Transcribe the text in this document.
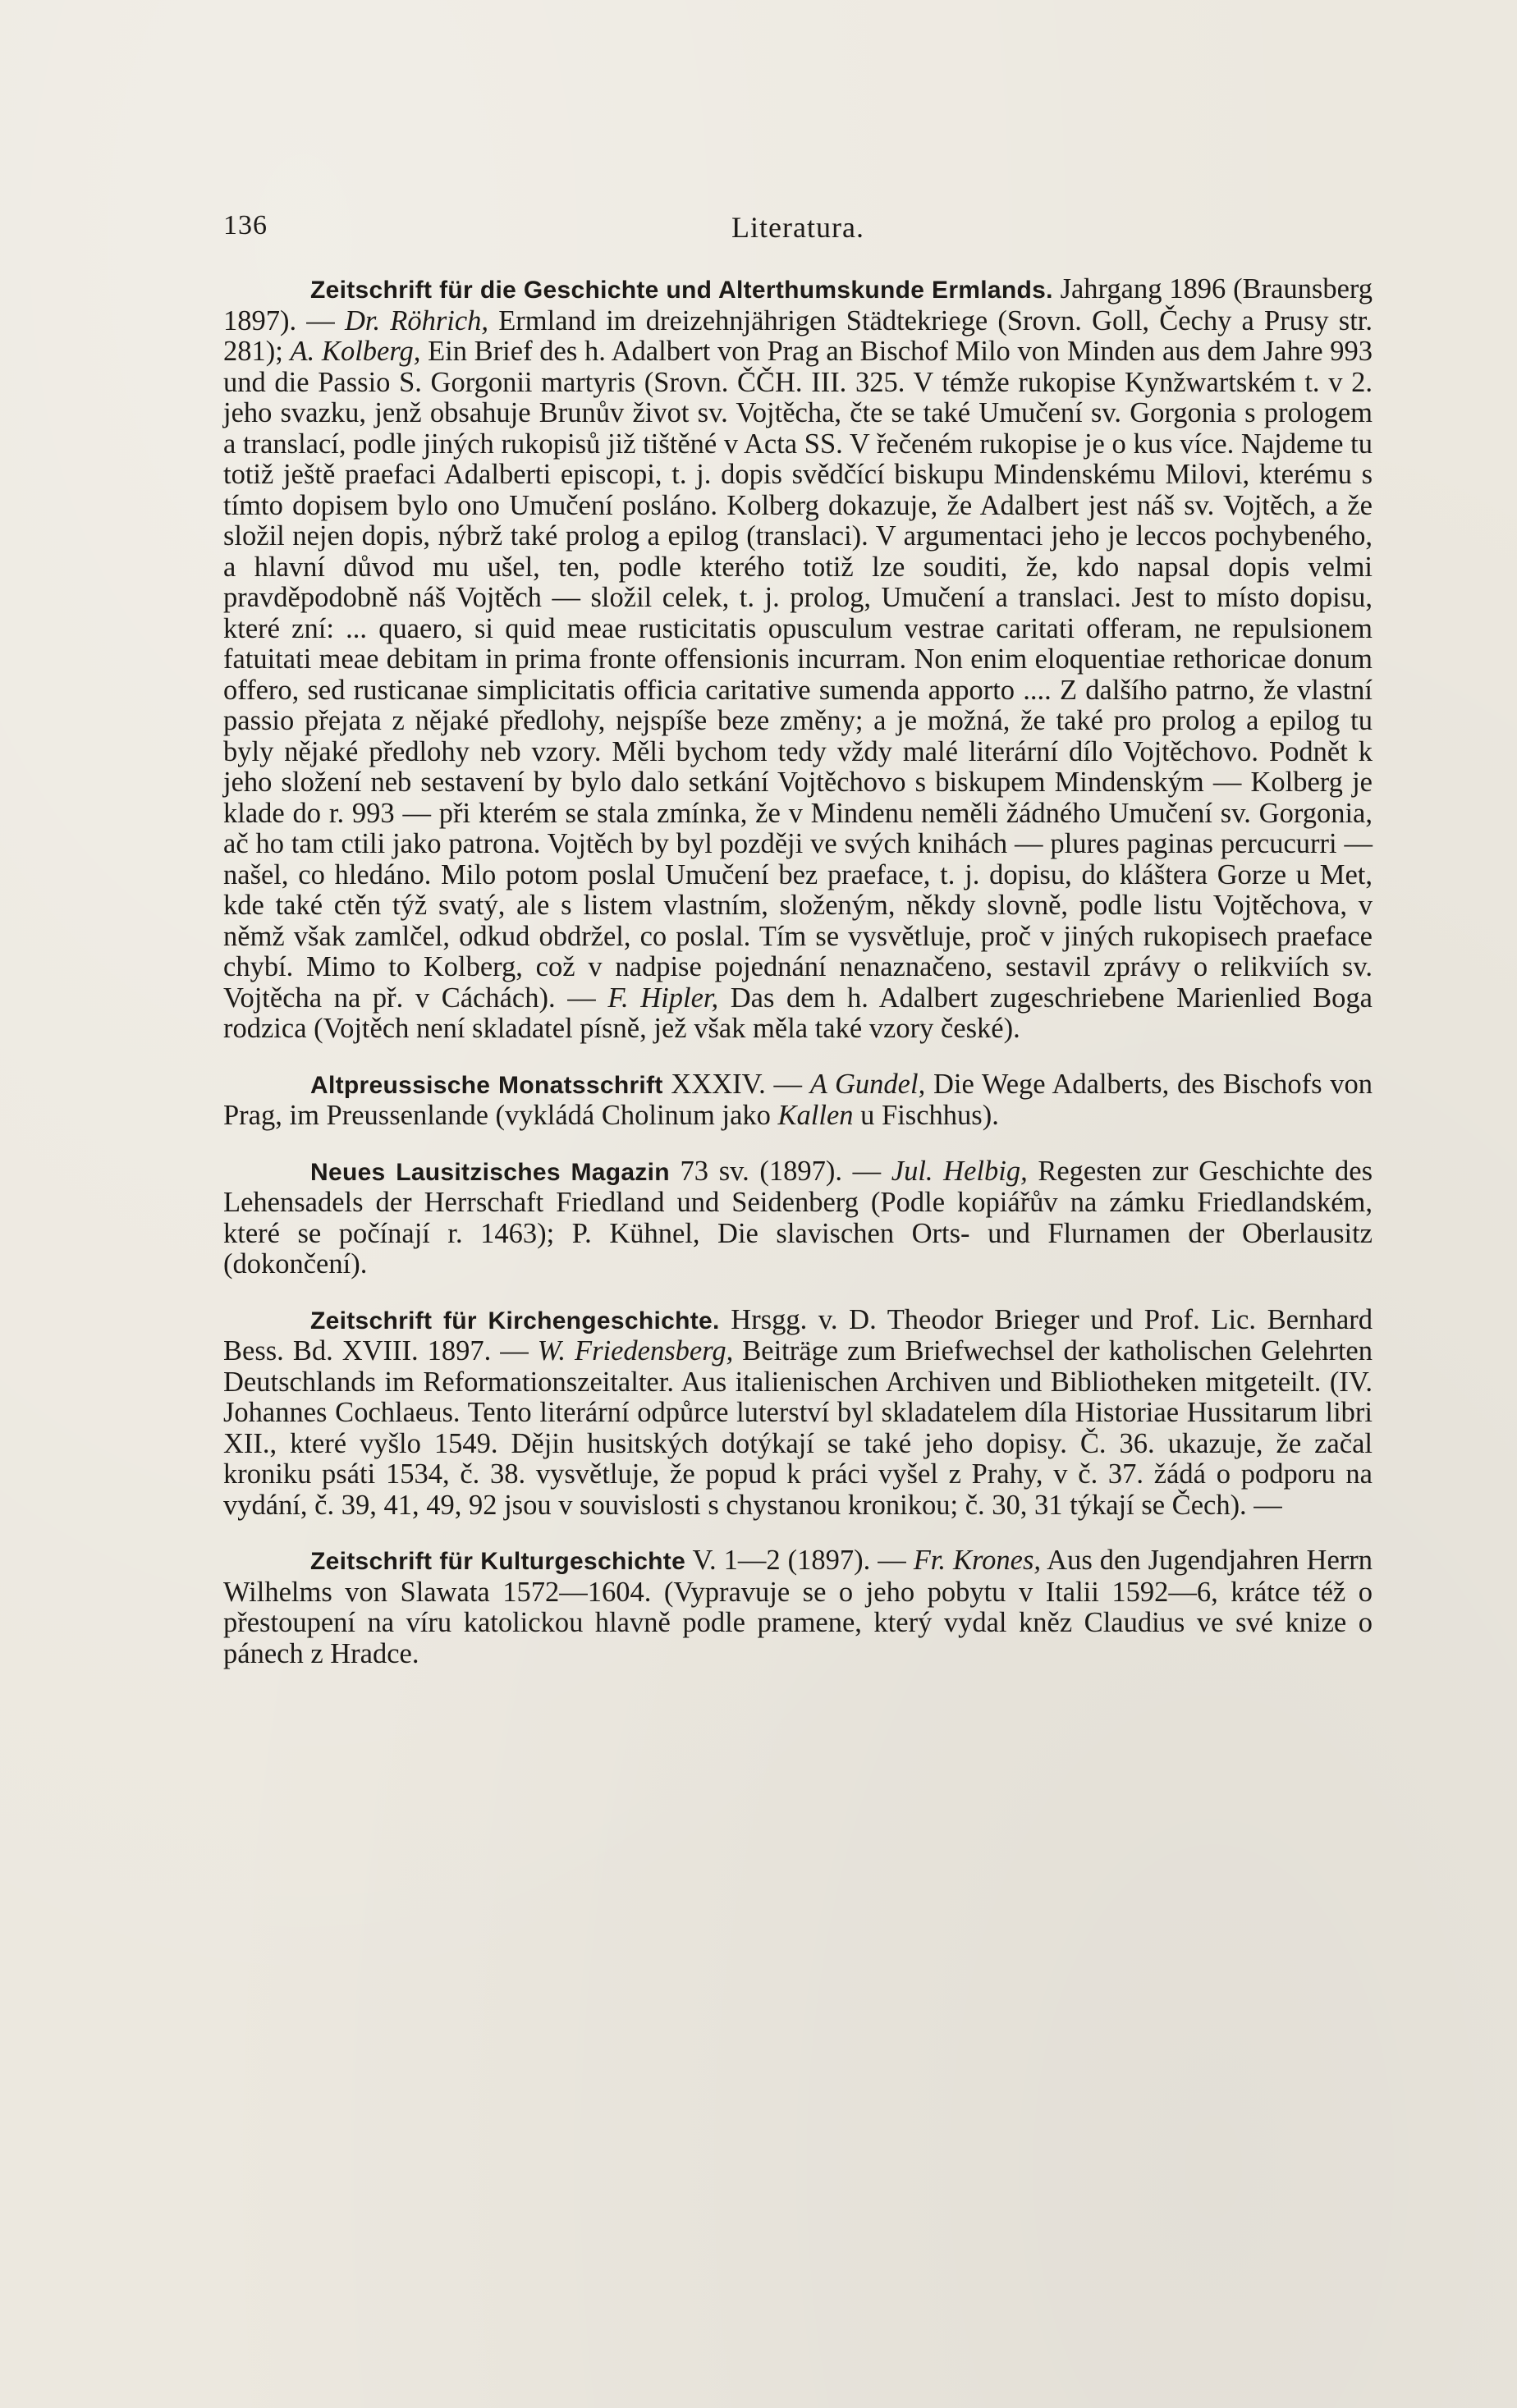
136	Literatura.

Zeitschrift für die Geschichte und Alterthumskunde Ermlands. Jahrgang 1896 (Braunsberg 1897). — Dr. Röhrich, Ermland im dreizehnjährigen Städtekriege (Srovn. Goll, Čechy a Prusy str. 281); A. Kolberg, Ein Brief des h. Adalbert von Prag an Bischof Milo von Minden aus dem Jahre 993 und die Passio S. Gorgonii martyris (Srovn. ČČH. III. 325. V témže rukopise Kynžwartském t. v 2. jeho svazku, jenž obsahuje Brunův život sv. Vojtěcha, čte se také Umučení sv. Gorgonia s prologem a translací, podle jiných rukopisů již tištěné v Acta SS. V řečeném rukopise je o kus více. Najdeme tu totiž ještě praefaci Adalberti episcopi, t. j. dopis svědčící biskupu Mindenskému Milovi, kterému s tímto dopisem bylo ono Umučení posláno. Kolberg dokazuje, že Adalbert jest náš sv. Vojtěch, a že složil nejen dopis, nýbrž také prolog a epilog (translaci). V argumentaci jeho je leccos pochybeného, a hlavní důvod mu ušel, ten, podle kterého totiž lze souditi, že, kdo napsal dopis velmi pravděpodobně náš Vojtěch — složil celek, t. j. prolog, Umučení a translaci. Jest to místo dopisu, které zní: ... quaero, si quid meae rusticitatis opusculum vestrae caritati offeram, ne repulsionem fatuitati meae debitam in prima fronte offensionis incurram. Non enim eloquentiae rethoricae donum offero, sed rusticanae simplicitatis officia caritative sumenda apporto .... Z dalšího patrno, že vlastní passio přejata z nějaké předlohy, nejspíše beze změny; a je možná, že také pro prolog a epilog tu byly nějaké předlohy neb vzory. Měli bychom tedy vždy malé literární dílo Vojtěchovo. Podnět k jeho složení neb sestavení by bylo dalo setkání Vojtěchovo s biskupem Mindenským — Kolberg je klade do r. 993 — při kterém se stala zmínka, že v Mindenu neměli žádného Umučení sv. Gorgonia, ač ho tam ctili jako patrona. Vojtěch by byl později ve svých knihách — plures paginas percucurri — našel, co hledáno. Milo potom poslal Umučení bez praeface, t. j. dopisu, do kláštera Gorze u Met, kde také ctěn týž svatý, ale s listem vlastním, složeným, někdy slovně, podle listu Vojtěchova, v němž však zamlčel, odkud obdržel, co poslal. Tím se vysvětluje, proč v jiných rukopisech praeface chybí. Mimo to Kolberg, což v nadpise pojednání nenaznačeno, sestavil zprávy o relikviích sv. Vojtěcha na př. v Cáchách). — F. Hipler, Das dem h. Adalbert zugeschriebene Marienlied Boga rodzica (Vojtěch není skladatel písně, jež však měla také vzory české).

Altpreussische Monatsschrift XXXIV. — A Gundel, Die Wege Adalberts, des Bischofs von Prag, im Preussenlande (vykládá Cholinum jako Kallen u Fischhus).

Neues Lausitzisches Magazin 73 sv. (1897). — Jul. Helbig, Regesten zur Geschichte des Lehensadels der Herrschaft Friedland und Seidenberg (Podle kopiářův na zámku Friedlandském, které se počínají r. 1463); P. Kühnel, Die slavischen Orts- und Flurnamen der Oberlausitz (dokončení).

Zeitschrift für Kirchengeschichte. Hrsgg. v. D. Theodor Brieger und Prof. Lic. Bernhard Bess. Bd. XVIII. 1897. — W. Friedensberg, Beiträge zum Briefwechsel der katholischen Gelehrten Deutschlands im Reformationszeitalter. Aus italienischen Archiven und Bibliotheken mitgeteilt. (IV. Johannes Cochlaeus. Tento literární odpůrce luterství byl skladatelem díla Historiae Hussitarum libri XII., které vyšlo 1549. Dějin husitských dotýkají se také jeho dopisy. Č. 36. ukazuje, že začal kroniku psáti 1534, č. 38. vysvětluje, že popud k práci vyšel z Prahy, v č. 37. žádá o podporu na vydání, č. 39, 41, 49, 92 jsou v souvislosti s chystanou kronikou; č. 30, 31 týkají se Čech). —

Zeitschrift für Kulturgeschichte V. 1—2 (1897). — Fr. Krones, Aus den Jugendjahren Herrn Wilhelms von Slawata 1572—1604. (Vypravuje se o jeho pobytu v Italii 1592—6, krátce též o přestoupení na víru katolickou hlavně podle pramene, který vydal kněz Claudius ve své knize o pánech z Hradce.
